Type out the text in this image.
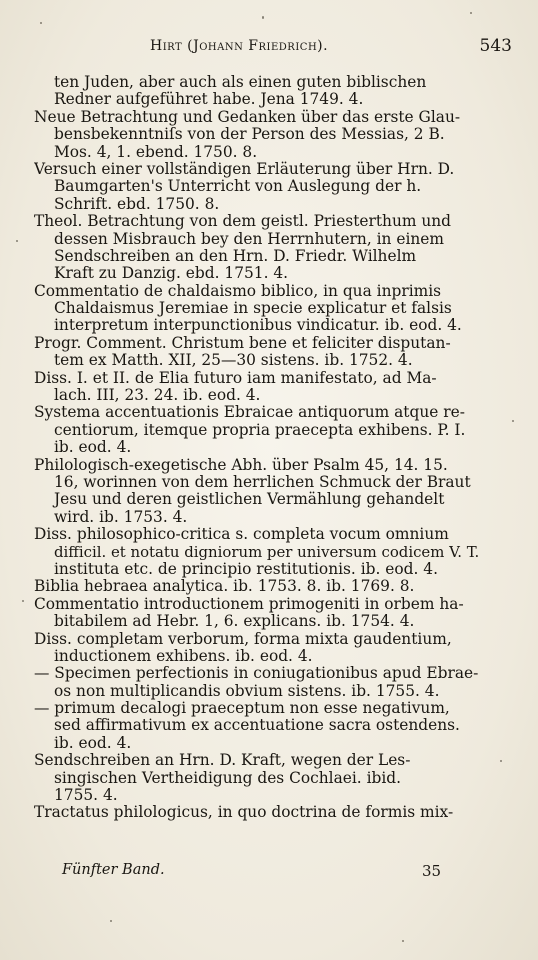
Hirt (Johann Friedrich).	543
ten Juden, aber auch als einen guten biblischen
Redner aufgeführet habe. Jena 1749. 4.
Neue Betrachtung und Gedanken über das erste Glau-
bensbekenntniſs von der Person des Messias, 2 B.
Mos. 4, 1. ebend. 1750. 8.
Versuch einer vollständigen Erläuterung über Hrn. D.
Baumgarten's Unterricht von Auslegung der h.
Schrift. ebd. 1750. 8.
Theol. Betrachtung von dem geistl. Priesterthum und
dessen Misbrauch bey den Herrnhutern, in einem
Sendschreiben an den Hrn. D. Friedr. Wilhelm
Kraft zu Danzig. ebd. 1751. 4.
Commentatio de chaldaismo biblico, in qua inprimis
Chaldaismus Jeremiae in specie explicatur et falsis
interpretum interpunctionibus vindicatur. ib. eod. 4.
Progr. Comment. Christum bene et feliciter disputan-
tem ex Matth. XII, 25—30 sistens. ib. 1752. 4.
Diss. I. et II. de Elia futuro iam manifestato, ad Ma-
lach. III, 23. 24. ib. eod. 4.
Systema accentuationis Ebraicae antiquorum atque re-
centiorum, itemque propria praecepta exhibens. P. I.
ib. eod. 4.
Philologisch-exegetische Abh. über Psalm 45, 14. 15.
16, worinnen von dem herrlichen Schmuck der Braut
Jesu und deren geistlichen Vermählung gehandelt
wird. ib. 1753. 4.
Diss. philosophico-critica s. completa vocum omnium
difficil. et notatu digniorum per universum codicem V. T.
instituta etc. de principio restitutionis. ib. eod. 4.
Biblia hebraea analytica. ib. 1753. 8. ib. 1769. 8.
Commentatio introductionem primogeniti in orbem ha-
bitabilem ad Hebr. 1, 6. explicans. ib. 1754. 4.
Diss. completam verborum, forma mixta gaudentium,
inductionem exhibens. ib. eod. 4.
— Specimen perfectionis in coniugationibus apud Ebrae-
os non multiplicandis obvium sistens. ib. 1755. 4.
— primum decalogi praeceptum non esse negativum,
sed affirmativum ex accentuatione sacra ostendens.
ib. eod. 4.
Sendschreiben an Hrn. D. Kraft, wegen der Les-
singischen Vertheidigung des Cochlaei. ibid.
1755. 4.
Tractatus philologicus, in quo doctrina de formis mix-
Fünfter Band.	35
